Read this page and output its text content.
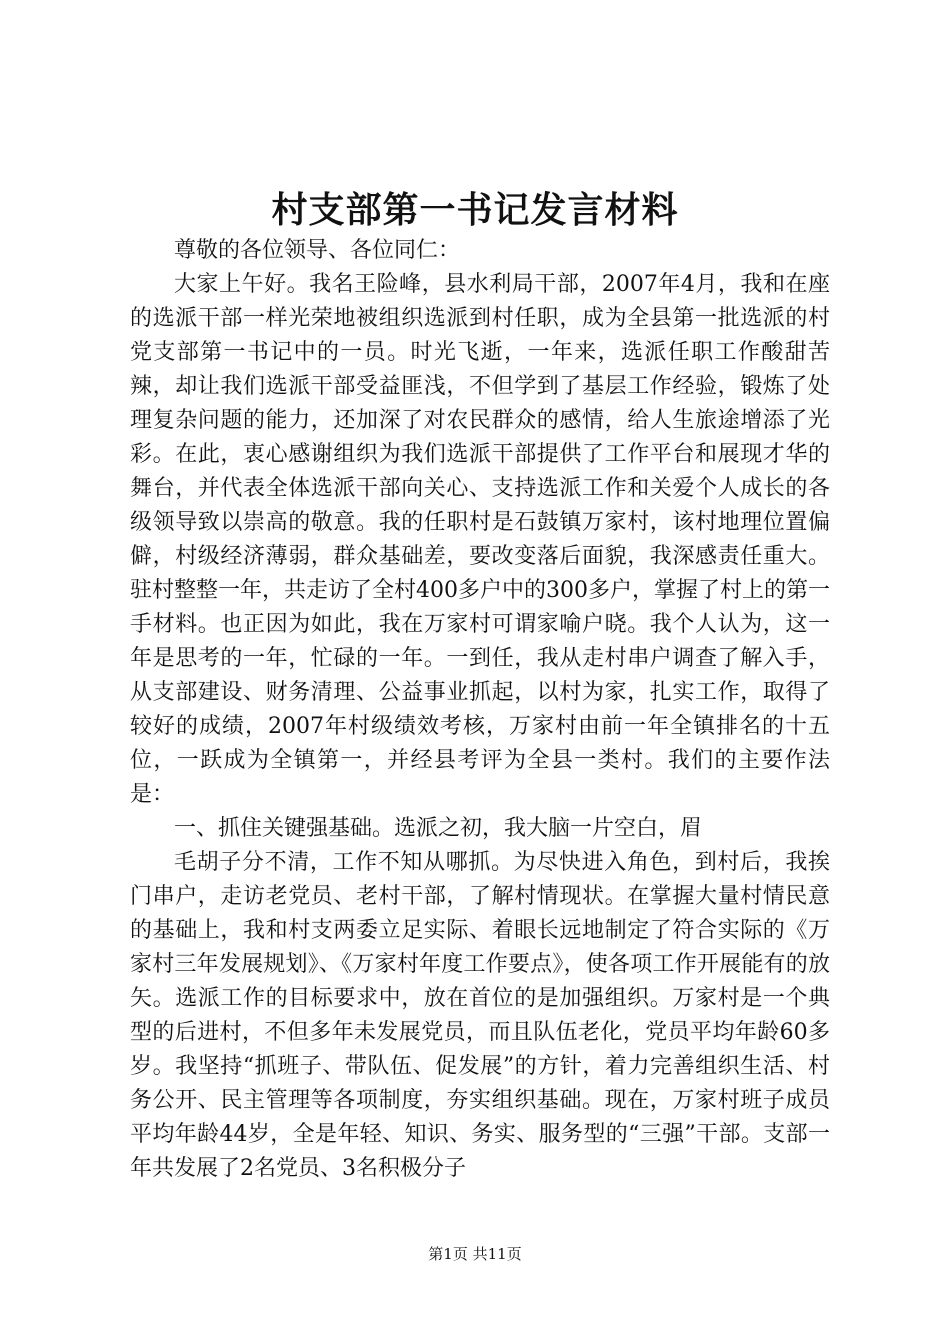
村支部第一书记发言材料

尊敬的各位领导、各位同仁：

大家上午好。我名王险峰，县水利局干部，2007年4月，我和在座的选派干部一样光荣地被组织选派到村任职，成为全县第一批选派的村党支部第一书记中的一员。时光飞逝，一年来，选派任职工作酸甜苦辣，却让我们选派干部受益匪浅，不但学到了基层工作经验，锻炼了处理复杂问题的能力，还加深了对农民群众的感情，给人生旅途增添了光彩。在此，衷心感谢组织为我们选派干部提供了工作平台和展现才华的舞台，并代表全体选派干部向关心、支持选派工作和关爱个人成长的各级领导致以崇高的敬意。我的任职村是石鼓镇万家村，该村地理位置偏僻，村级经济薄弱，群众基础差，要改变落后面貌，我深感责任重大。驻村整整一年，共走访了全村400多户中的300多户，掌握了村上的第一手材料。也正因为如此，我在万家村可谓家喻户晓。我个人认为，这一年是思考的一年，忙碌的一年。一到任，我从走村串户调查了解入手，从支部建设、财务清理、公益事业抓起，以村为家，扎实工作，取得了较好的成绩，2007年村级绩效考核，万家村由前一年全镇排名的十五位，一跃成为全镇第一，并经县考评为全县一类村。我们的主要作法是：

一、抓住关键强基础。选派之初，我大脑一片空白，眉

毛胡子分不清，工作不知从哪抓。为尽快进入角色，到村后，我挨门串户，走访老党员、老村干部，了解村情现状。在掌握大量村情民意的基础上，我和村支两委立足实际、着眼长远地制定了符合实际的《万家村三年发展规划》、《万家村年度工作要点》，使各项工作开展能有的放矢。选派工作的目标要求中，放在首位的是加强组织。万家村是一个典型的后进村，不但多年未发展党员，而且队伍老化，党员平均年龄60多岁。我坚持“抓班子、带队伍、促发展”的方针，着力完善组织生活、村务公开、民主管理等各项制度，夯实组织基础。现在，万家村班子成员平均年龄44岁，全是年轻、知识、务实、服务型的“三强”干部。支部一年共发展了2名党员、3名积极分子

第1页 共11页
